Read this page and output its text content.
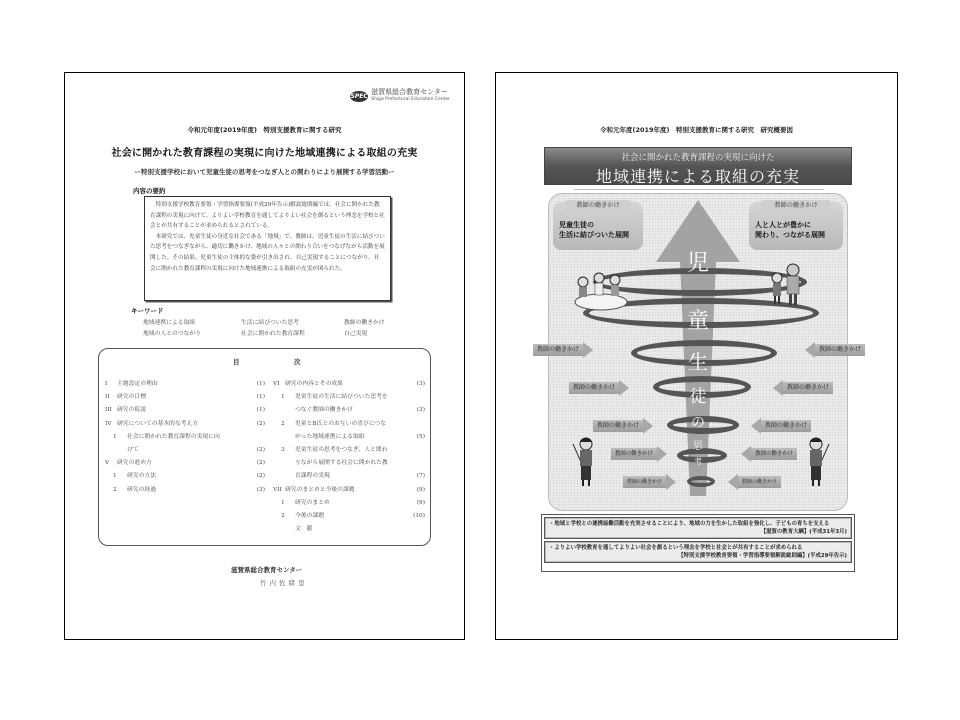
SPEC 滋賀県総合教育センター
Shiga Prefectural Education Center
令和元年度(2019年度)　特別支援教育に関する研究
社会に開かれた教育課程の実現に向けた地域連携による取組の充実
ー特別支援学校において児童生徒の思考をつなぎ人との関わりにより展開する学習活動ー
内容の要約

特別支援学校教育要領・学習指導要領(平成29年告示)解説総則編では、社会に開かれた教育課程の実現に向けて、よりよい学校教育を通してよりよい社会を創るという理念を学校と社会とが共有することが求められるとされている。

本研究では、児童生徒の身近な社会である「地域」で、教師は、児童生徒の生活に結びついた思考をつなぎながら、適切に働きかけ、地域の人々との関わり合いをつなげながら活動を展開した。その結果、児童生徒の主体的な姿が引き出され、自己実現することにつながり、社会に開かれた教育課程の実現に向けた地域連携による取組の充実が図られた。

キーワード
地域連携による取組	生活に結びついた思考	教師の働きかけ
地域の人とのつながり	社会に開かれた教育課程	自己実現
目	次
I 主題設定の理由	(1)
II 研究の目標	(1)
III 研究の仮説	(1)
IV 研究についての基本的な考え方	(2)
1 社会に開かれた教育課程の実現に向
けて	(2)
V 研究の進め方	(2)
1 研究の方法	(2)
2 研究の経過	(3)
VI 研究の内容とその成果	(3)
1 児童生徒の生活に結びついた思考を
つなぐ教師の働きかけ	(3)
2 児童とB氏とのお互いの喜びにつな
がった地域連携による取組	(5)
3 児童生徒の思考をつなぎ、人と関わ
りながら展開する社会に開かれた教
育課程の実現	(7)
VII 研究のまとめと今後の課題	(9)
1 研究のまとめ	(9)
2 今後の課題	(10)
文　献
滋賀県総合教育センター
竹内佐緒里
令和元年度(2019年度)　特別支援教育に関する研究　研究概要図
社会に開かれた教育課程の実現に向けた
地域連携による取組の充実
児
童
生
徒
の
思
考
教師の働きかけ
児童生徒の
生活に結びついた展開
教師の働きかけ
人と人とが豊かに
関わり、つながる展開
教師の働きかけ
教師の働きかけ
教師の働きかけ
教師の働きかけ
教師の働きかけ
教師の働きかけ
教師の働きかけ
教師の働きかけ
教師の働きかけ
教師の働きかけ
・地域と学校との連携協働活動を充実させることにより、地域の力を生かした取組を強化し、子どもの育ちを支える
【滋賀の教育大綱】(平成31年3月)
・よりよい学校教育を通してよりよい社会を創るという理念を学校と社会とが共有することが求められる
【特別支援学校教育要領・学習指導要領解説総則編】(平成29年告示)
